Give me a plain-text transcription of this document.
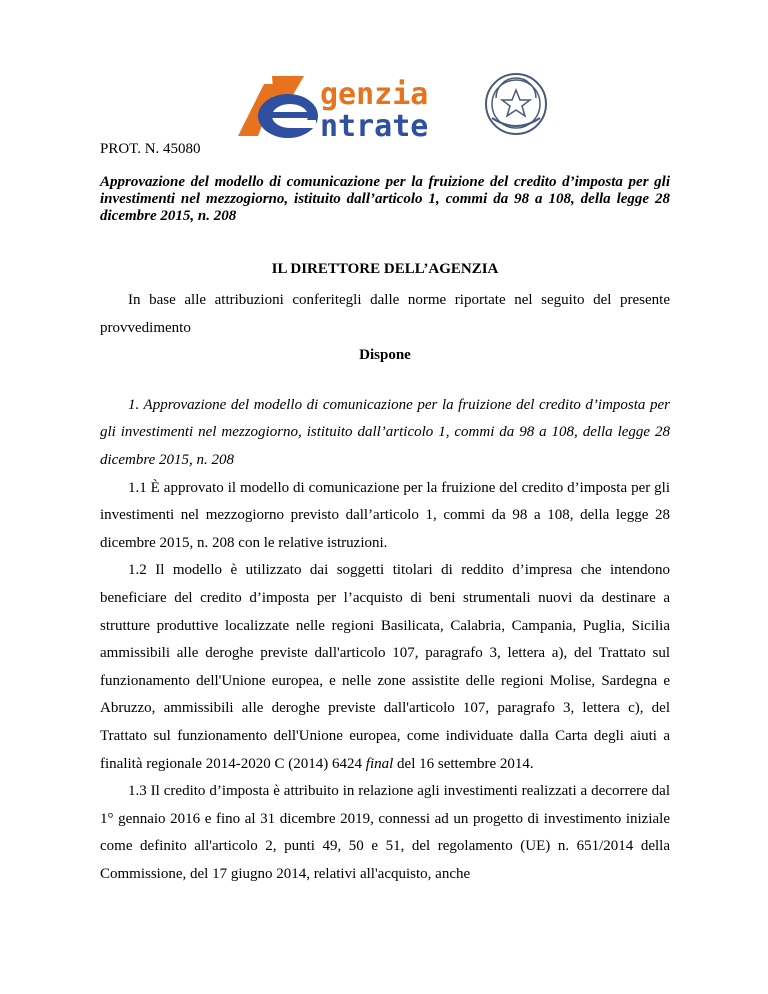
genzia
ntrate

PROT. N. 45080

Approvazione del modello di comunicazione per la fruizione del credito d’imposta per gli investimenti nel mezzogiorno, istituito dall’articolo 1, commi da 98 a 108, della legge 28 dicembre 2015, n. 208

IL DIRETTORE DELL’AGENZIA

In base alle attribuzioni conferitegli dalle norme riportate nel seguito del presente provvedimento

Dispone

1. Approvazione del modello di comunicazione per la fruizione del credito d’imposta per gli investimenti nel mezzogiorno, istituito dall’articolo 1, commi da 98 a 108, della legge 28 dicembre 2015, n. 208

1.1 È approvato il modello di comunicazione per la fruizione del credito d’imposta per gli investimenti nel mezzogiorno previsto dall’articolo 1, commi da 98 a 108, della legge 28 dicembre 2015, n. 208 con le relative istruzioni.

1.2 Il modello è utilizzato dai soggetti titolari di reddito d’impresa che intendono beneficiare del credito d’imposta per l’acquisto di beni strumentali nuovi da destinare a strutture produttive localizzate nelle regioni Basilicata, Calabria, Campania, Puglia, Sicilia ammissibili alle deroghe previste dall'articolo 107, paragrafo 3, lettera a), del Trattato sul funzionamento dell'Unione europea, e nelle zone assistite delle regioni Molise, Sardegna e Abruzzo, ammissibili alle deroghe previste dall'articolo 107, paragrafo 3, lettera c), del Trattato sul funzionamento dell'Unione europea, come individuate dalla Carta degli aiuti a finalità regionale 2014-2020 C (2014) 6424 final del 16 settembre 2014.

1.3 Il credito d’imposta è attribuito in relazione agli investimenti realizzati a decorrere dal 1° gennaio 2016 e fino al 31 dicembre 2019, connessi ad un progetto di investimento iniziale come definito all'articolo 2, punti 49, 50 e 51, del regolamento (UE) n. 651/2014 della Commissione, del 17 giugno 2014, relativi all'acquisto, anche
